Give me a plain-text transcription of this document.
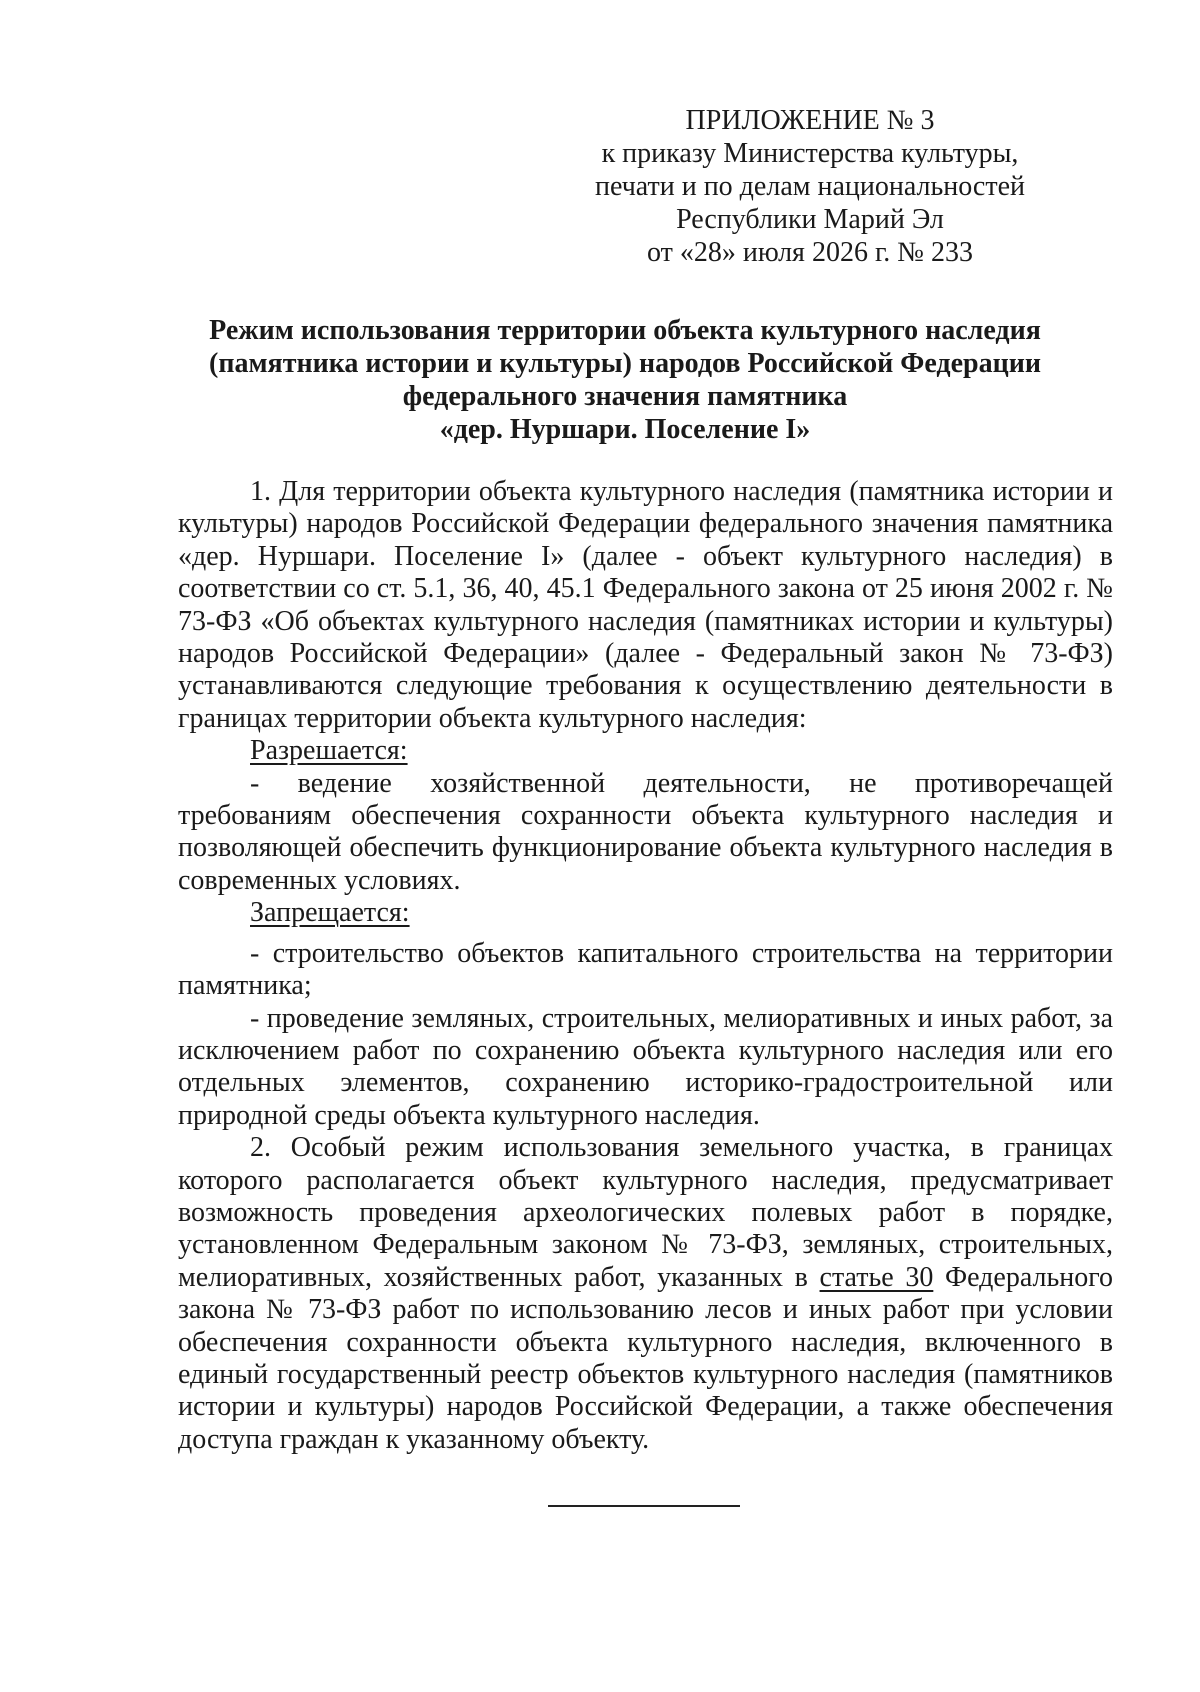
ПРИЛОЖЕНИЕ № 3
к приказу Министерства культуры,
печати и по делам национальностей
Республики Марий Эл
от «28» июля 2026 г. № 233
Режим использования территории объекта культурного наследия
(памятника истории и культуры) народов Российской Федерации
федерального значения памятника
«дер. Нуршари. Поселение I»

1. Для территории объекта культурного наследия (памятника истории и культуры) народов Российской Федерации федерального значения памятника «дер. Нуршари. Поселение I» (далее - объект культурного наследия) в соответствии со ст. 5.1, 36, 40, 45.1 Федерального закона от 25 июня 2002 г. № 73-ФЗ «Об объектах культурного наследия (памятниках истории и культуры) народов Российской Федерации» (далее - Федеральный закон № 73-ФЗ) устанавливаются следующие требования к осуществлению деятельности в границах территории объекта культурного наследия:

Разрешается:

- ведение хозяйственной деятельности, не противоречащей требованиям обеспечения сохранности объекта культурного наследия и позволяющей обеспечить функционирование объекта культурного наследия в современных условиях.

Запрещается:

- строительство объектов капитального строительства на территории памятника;

- проведение земляных, строительных, мелиоративных и иных работ, за исключением работ по сохранению объекта культурного наследия или его отдельных элементов, сохранению историко-градостроительной или природной среды объекта культурного наследия.

2. Особый режим использования земельного участка, в границах которого располагается объект культурного наследия, предусматривает возможность проведения археологических полевых работ в порядке, установленном Федеральным законом № 73-ФЗ, земляных, строительных, мелиоративных, хозяйственных работ, указанных в статье 30 Федерального закона № 73-ФЗ работ по использованию лесов и иных работ при условии обеспечения сохранности объекта культурного наследия, включенного в единый государственный реестр объектов культурного наследия (памятников истории и культуры) народов Российской Федерации, а также обеспечения доступа граждан к указанному объекту.
